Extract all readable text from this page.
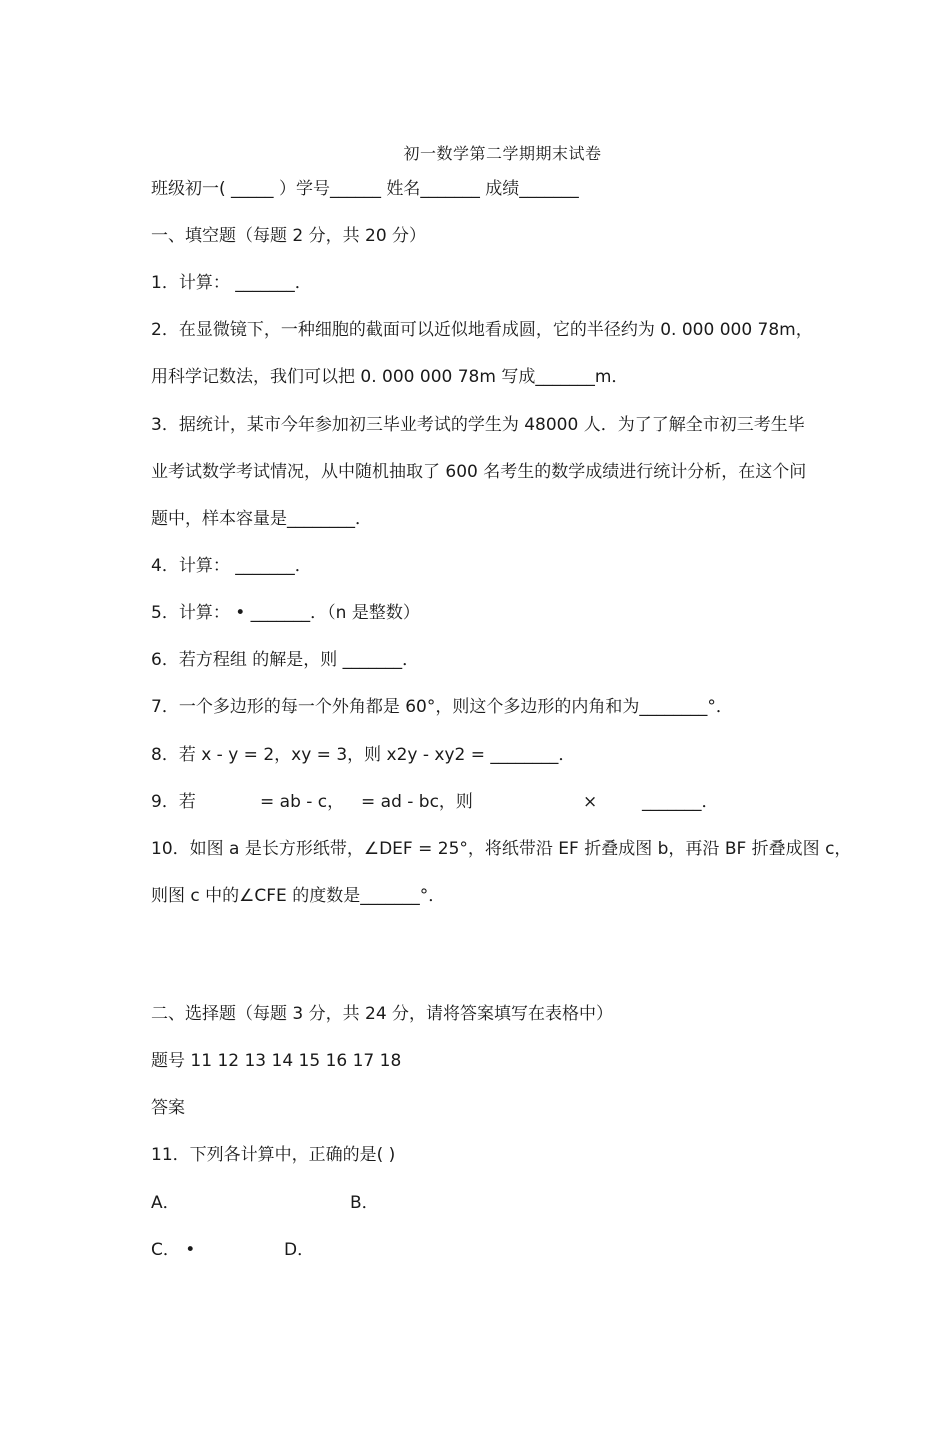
初一数学第二学期期末试卷
班级初一( _____ ）学号______ 姓名_______ 成绩_______
一、填空题（每题 2 分，共 20 分）
1．计算： _______．
2．在显微镜下，一种细胞的截面可以近似地看成圆，它的半径约为 0. 000 000 78m，
用科学记数法，我们可以把 0. 000 000 78m 写成_______m．
3．据统计，某市今年参加初三毕业考试的学生为 48000 人．为了了解全市初三考生毕
业考试数学考试情况，从中随机抽取了 600 名考生的数学成绩进行统计分析，在这个问
题中，样本容量是________．
4．计算： _______．
5．计算： • _______．（n 是整数）
6．若方程组 的解是，则 _______．
7．一个多边形的每一个外角都是 60°，则这个多边形的内角和为________°．
8．若 x - y = 2，xy = 3，则 x2y - xy2 = ________．
9．若	= ab - c， = ad - bc，则	×	_______．
10．如图 a 是长方形纸带，∠DEF = 25°，将纸带沿 EF 折叠成图 b，再沿 BF 折叠成图 c，
则图 c 中的∠CFE 的度数是_______°．
二、选择题（每题 3 分，共 24 分，请将答案填写在表格中）
题号 11 12 13 14 15 16 17 18
答案
11．下列各计算中，正确的是( )
A．	B．
C． •	D．
